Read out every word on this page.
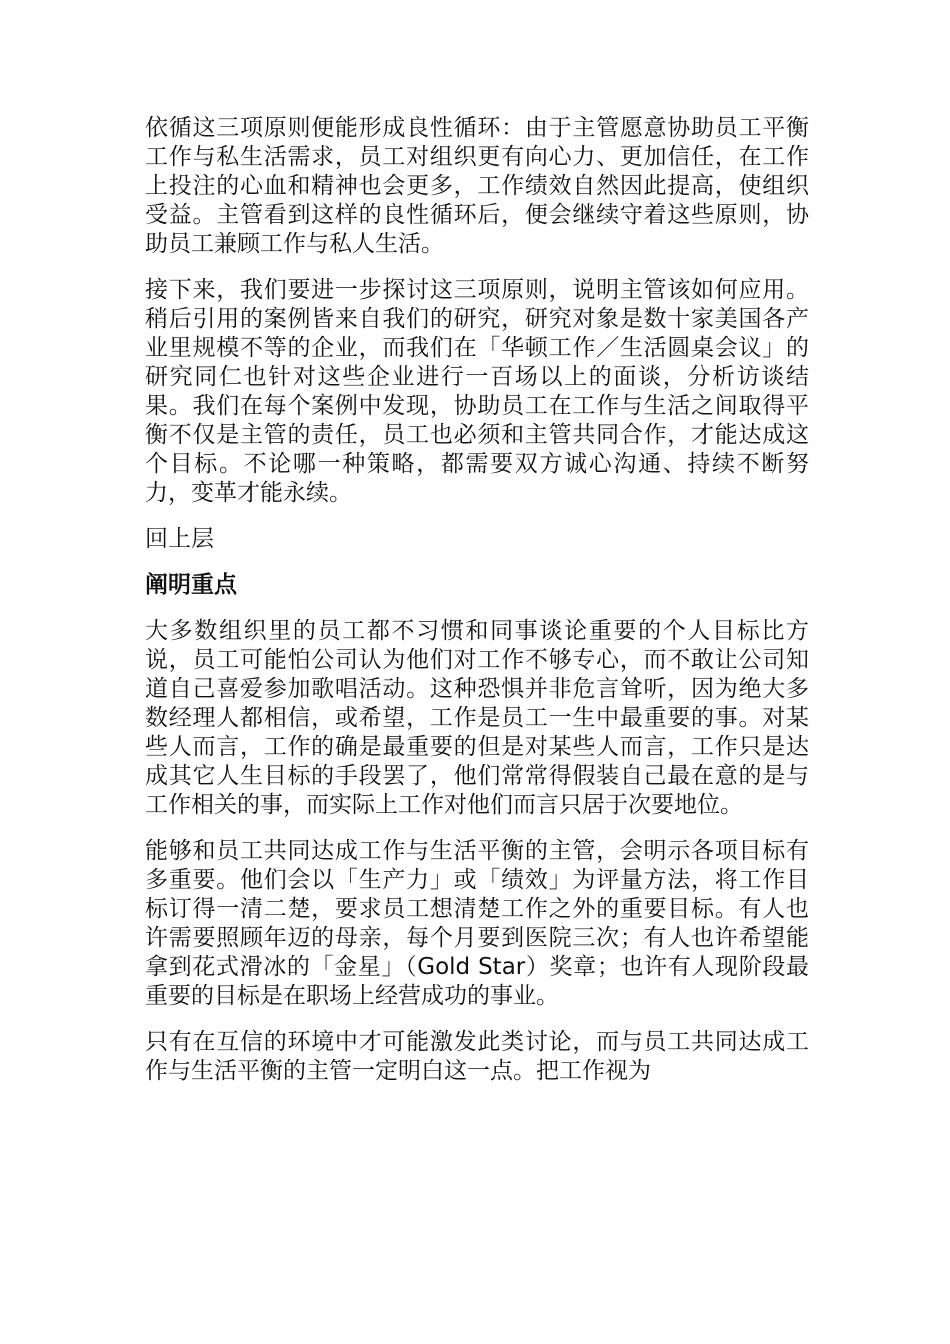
依循这三项原则便能形成良性循环：由于主管愿意协助员工平衡工作与私生活需求，员工对组织更有向心力、更加信任，在工作上投注的心血和精神也会更多，工作绩效自然因此提高，使组织受益。主管看到这样的良性循环后，便会继续守着这些原则，协助员工兼顾工作与私人生活。

接下来，我们要进一步探讨这三项原则，说明主管该如何应用。稍后引用的案例皆来自我们的研究，研究对象是数十家美国各产业里规模不等的企业，而我们在「华顿工作／生活圆桌会议」的研究同仁也针对这些企业进行一百场以上的面谈，分析访谈结果。我们在每个案例中发现，协助员工在工作与生活之间取得平衡不仅是主管的责任，员工也必须和主管共同合作，才能达成这个目标。不论哪一种策略，都需要双方诚心沟通、持续不断努力，变革才能永续。

回上层

阐明重点

大多数组织里的员工都不习惯和同事谈论重要的个人目标比方说，员工可能怕公司认为他们对工作不够专心，而不敢让公司知道自己喜爱参加歌唱活动。这种恐惧并非危言耸听，因为绝大多数经理人都相信，或希望，工作是员工一生中最重要的事。对某些人而言，工作的确是最重要的但是对某些人而言，工作只是达成其它人生目标的手段罢了，他们常常得假装自己最在意的是与工作相关的事，而实际上工作对他们而言只居于次要地位。

能够和员工共同达成工作与生活平衡的主管，会明示各项目标有多重要。他们会以「生产力」或「绩效」为评量方法，将工作目标订得一清二楚，要求员工想清楚工作之外的重要目标。有人也许需要照顾年迈的母亲，每个月要到医院三次；有人也许希望能拿到花式滑冰的「金星」（Gold Star）奖章；也许有人现阶段最重要的目标是在职场上经营成功的事业。

只有在互信的环境中才可能激发此类讨论，而与员工共同达成工作与生活平衡的主管一定明白这一点。把工作视为
